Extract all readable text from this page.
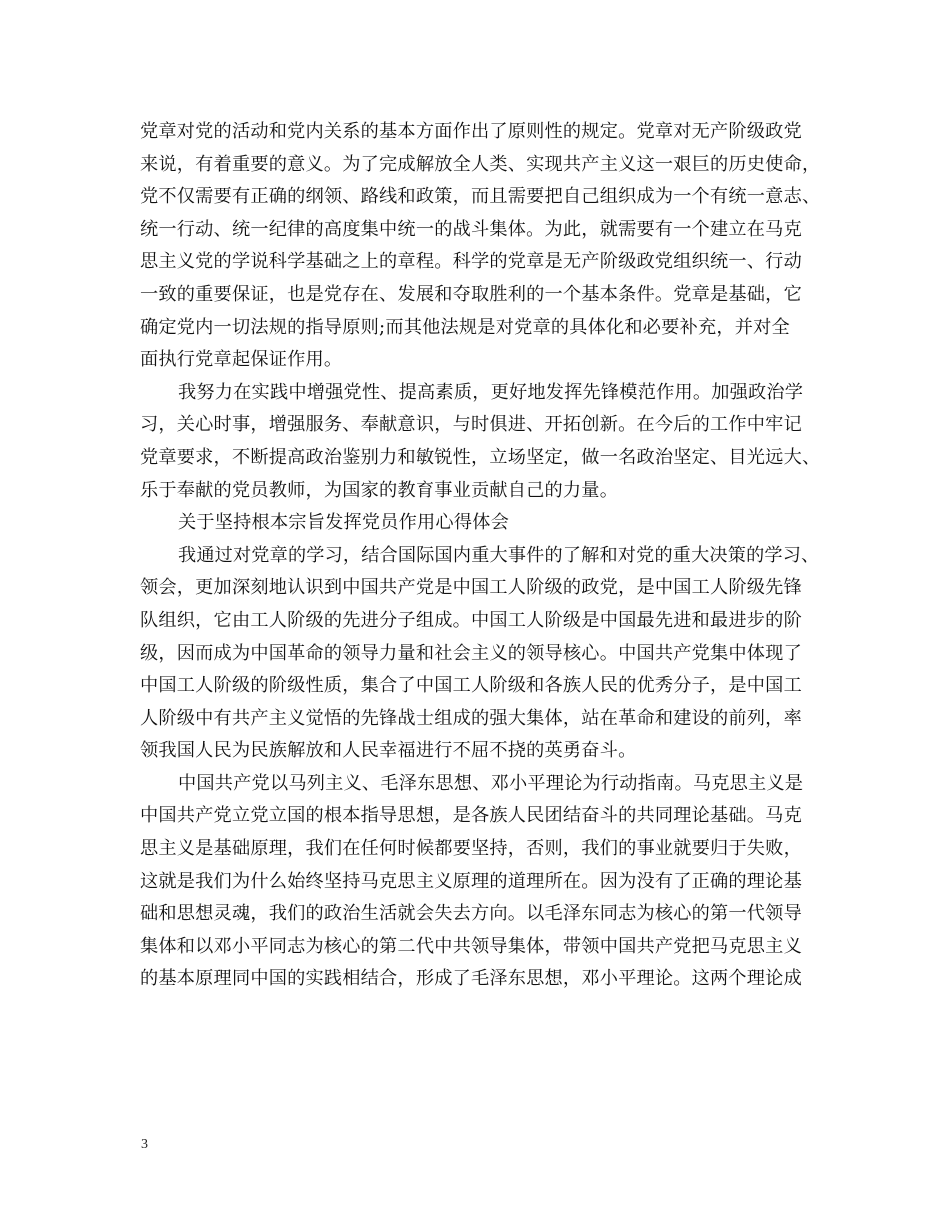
党章对党的活动和党内关系的基本方面作出了原则性的规定。党章对无产阶级政党
来说，有着重要的意义。为了完成解放全人类、实现共产主义这一艰巨的历史使命，
党不仅需要有正确的纲领、路线和政策，而且需要把自己组织成为一个有统一意志、
统一行动、统一纪律的高度集中统一的战斗集体。为此，就需要有一个建立在马克
思主义党的学说科学基础之上的章程。科学的党章是无产阶级政党组织统一、行动
一致的重要保证，也是党存在、发展和夺取胜利的一个基本条件。党章是基础，它
确定党内一切法规的指导原则;而其他法规是对党章的具体化和必要补充，并对全
面执行党章起保证作用。
我努力在实践中增强党性、提高素质，更好地发挥先锋模范作用。加强政治学
习，关心时事，增强服务、奉献意识，与时俱进、开拓创新。在今后的工作中牢记
党章要求，不断提高政治鉴别力和敏锐性，立场坚定，做一名政治坚定、目光远大、
乐于奉献的党员教师，为国家的教育事业贡献自己的力量。
关于坚持根本宗旨发挥党员作用心得体会
我通过对党章的学习，结合国际国内重大事件的了解和对党的重大决策的学习、
领会，更加深刻地认识到中国共产党是中国工人阶级的政党，是中国工人阶级先锋
队组织，它由工人阶级的先进分子组成。中国工人阶级是中国最先进和最进步的阶
级，因而成为中国革命的领导力量和社会主义的领导核心。中国共产党集中体现了
中国工人阶级的阶级性质，集合了中国工人阶级和各族人民的优秀分子，是中国工
人阶级中有共产主义觉悟的先锋战士组成的强大集体，站在革命和建设的前列，率
领我国人民为民族解放和人民幸福进行不屈不挠的英勇奋斗。
中国共产党以马列主义、毛泽东思想、邓小平理论为行动指南。马克思主义是
中国共产党立党立国的根本指导思想，是各族人民团结奋斗的共同理论基础。马克
思主义是基础原理，我们在任何时候都要坚持，否则，我们的事业就要归于失败，
这就是我们为什么始终坚持马克思主义原理的道理所在。因为没有了正确的理论基
础和思想灵魂，我们的政治生活就会失去方向。以毛泽东同志为核心的第一代领导
集体和以邓小平同志为核心的第二代中共领导集体，带领中国共产党把马克思主义
的基本原理同中国的实践相结合，形成了毛泽东思想，邓小平理论。这两个理论成
3
